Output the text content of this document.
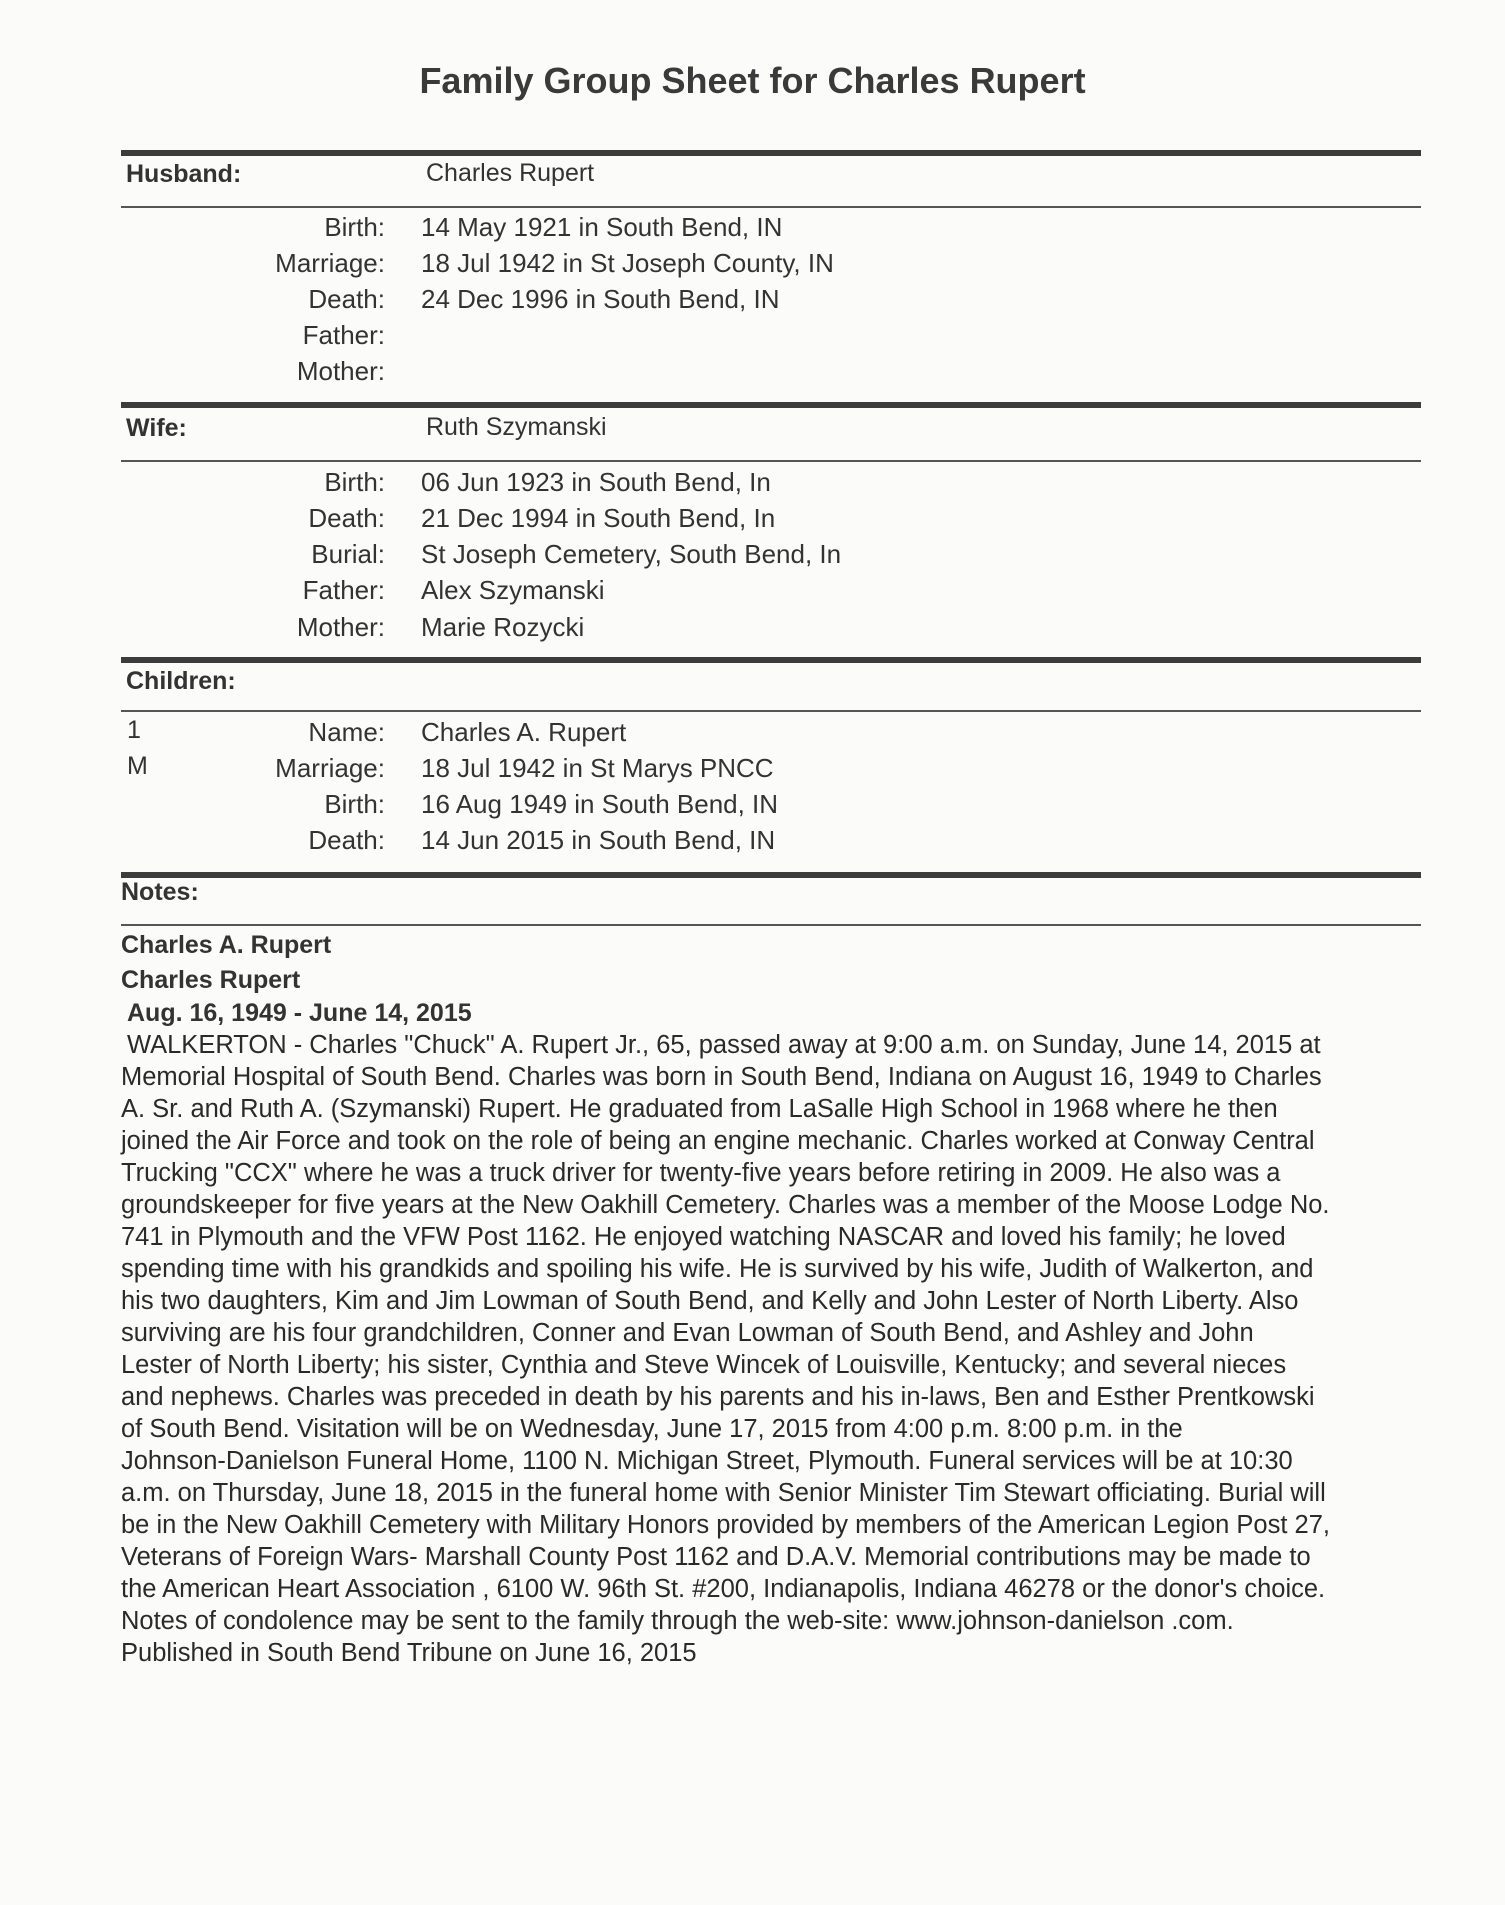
Family Group Sheet for Charles Rupert
Husband:	Charles Rupert
Birth: 14 May 1921 in South Bend, IN
Marriage: 18 Jul 1942 in St Joseph County, IN
Death: 24 Dec 1996 in South Bend, IN
Father:
Mother:
Wife:	Ruth Szymanski
Birth: 06 Jun 1923 in South Bend, In
Death: 21 Dec 1994 in South Bend, In
Burial: St Joseph Cemetery, South Bend, In
Father: Alex Szymanski
Mother: Marie Rozycki
Children:
1
M
Name: Charles A. Rupert
Marriage: 18 Jul 1942 in St Marys PNCC
Birth: 16 Aug 1949 in South Bend, IN
Death: 14 Jun 2015 in South Bend, IN
Notes:
Charles A. Rupert
Charles Rupert
Aug. 16, 1949 - June 14, 2015
WALKERTON - Charles "Chuck" A. Rupert Jr., 65, passed away at 9:00 a.m. on Sunday, June 14, 2015 at
Memorial Hospital of South Bend. Charles was born in South Bend, Indiana on August 16, 1949 to Charles
A. Sr. and Ruth A. (Szymanski) Rupert. He graduated from LaSalle High School in 1968 where he then
joined the Air Force and took on the role of being an engine mechanic. Charles worked at Conway Central
Trucking "CCX" where he was a truck driver for twenty-five years before retiring in 2009. He also was a
groundskeeper for five years at the New Oakhill Cemetery. Charles was a member of the Moose Lodge No.
741 in Plymouth and the VFW Post 1162. He enjoyed watching NASCAR and loved his family; he loved
spending time with his grandkids and spoiling his wife. He is survived by his wife, Judith of Walkerton, and
his two daughters, Kim and Jim Lowman of South Bend, and Kelly and John Lester of North Liberty. Also
surviving are his four grandchildren, Conner and Evan Lowman of South Bend, and Ashley and John
Lester of North Liberty; his sister, Cynthia and Steve Wincek of Louisville, Kentucky; and several nieces
and nephews. Charles was preceded in death by his parents and his in-laws, Ben and Esther Prentkowski
of South Bend. Visitation will be on Wednesday, June 17, 2015 from 4:00 p.m. 8:00 p.m. in the
Johnson-Danielson Funeral Home, 1100 N. Michigan Street, Plymouth. Funeral services will be at 10:30
a.m. on Thursday, June 18, 2015 in the funeral home with Senior Minister Tim Stewart officiating. Burial will
be in the New Oakhill Cemetery with Military Honors provided by members of the American Legion Post 27,
Veterans of Foreign Wars- Marshall County Post 1162 and D.A.V. Memorial contributions may be made to
the American Heart Association , 6100 W. 96th St. #200, Indianapolis, Indiana 46278 or the donor's choice.
Notes of condolence may be sent to the family through the web-site: www.johnson-danielson .com.
Published in South Bend Tribune on June 16, 2015
